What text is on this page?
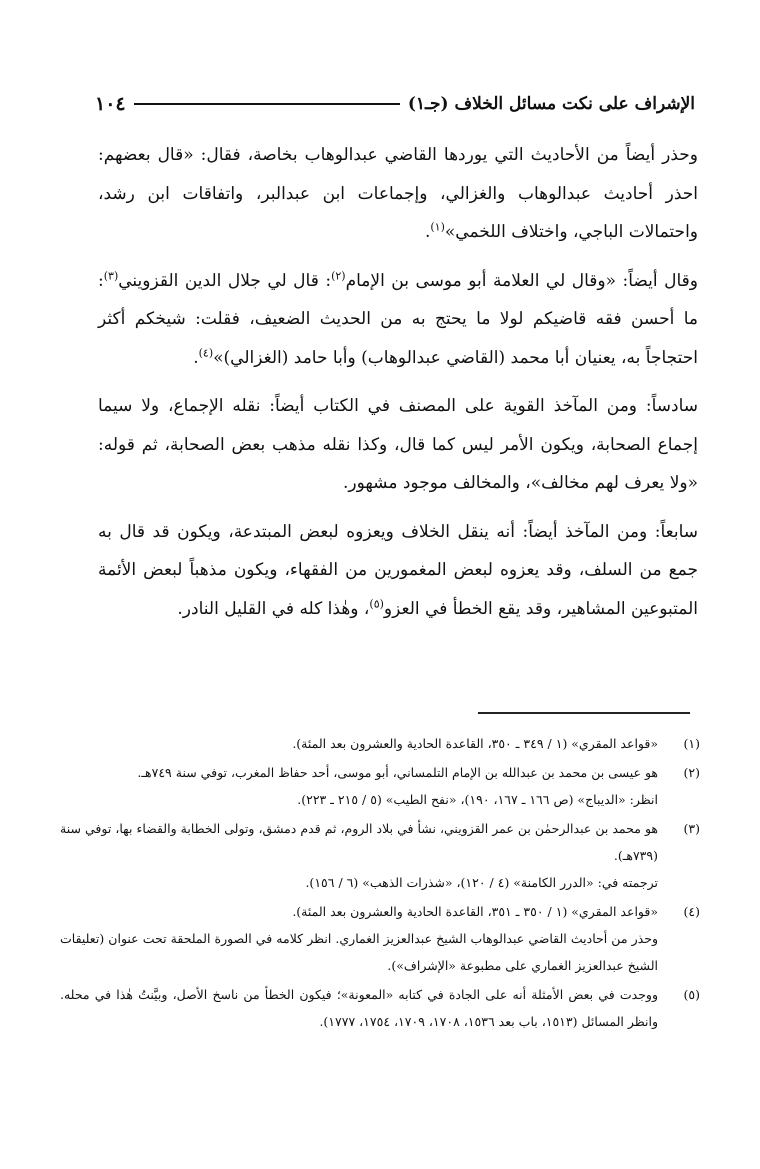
١٠٤	الإشراف على نكت مسائل الخلاف (جـ١)

وحذر أيضاً من الأحاديث التي يوردها القاضي عبدالوهاب بخاصة، فقال: «قال بعضهم: احذر أحاديث عبدالوهاب والغزالي، وإجماعات ابن عبدالبر، واتفاقات ابن رشد، واحتمالات الباجي، واختلاف اللخمي»$^{(١)}$.

وقال أيضاً: «وقال لي العلامة أبو موسى بن الإمام$^{(٢)}$: قال لي جلال الدين القزويني$^{(٣)}$: ما أحسن فقه قاضيكم لولا ما يحتج به من الحديث الضعيف، فقلت: شيخكم أكثر احتجاجاً به، يعنيان أبا محمد (القاضي عبدالوهاب) وأبا حامد (الغزالي)»$^{(٤)}$.

سادساً: ومن المآخذ القوية على المصنف في الكتاب أيضاً: نقله الإجماع، ولا سيما إجماع الصحابة، ويكون الأمر ليس كما قال، وكذا نقله مذهب بعض الصحابة، ثم قوله: «ولا يعرف لهم مخالف»، والمخالف موجود مشهور.

سابعاً: ومن المآخذ أيضاً: أنه ينقل الخلاف ويعزوه لبعض المبتدعة، ويكون قد قال به جمع من السلف، وقد يعزوه لبعض المغمورين من الفقهاء، ويكون مذهباً لبعض الأئمة المتبوعين المشاهير، وقد يقع الخطأ في العزو$^{(٥)}$، وهٰذا كله في القليل النادر.

(١)
«قواعد المقري» (١ / ٣٤٩ ـ ٣٥٠، القاعدة الحادية والعشرون بعد المئة).
(٢)
هو عيسى بن محمد بن عبدالله بن الإمام التلمساني، أبو موسى، أحد حفاظ المغرب، توفي سنة ٧٤٩هـ.
انظر: «الديباج» (ص ١٦٦ ـ ١٦٧، ١٩٠)، «نفح الطيب» (٥ / ٢١٥ ـ ٢٢٣).
(٣)
هو محمد بن عبدالرحمٰن بن عمر القزويني، نشأ في بلاد الروم، ثم قدم دمشق، وتولى الخطابة والقضاء بها، توفي سنة (٧٣٩هـ).
ترجمته في: «الدرر الكامنة» (٤ / ١٢٠)، «شذرات الذهب» (٦ / ١٥٦).
(٤)
«قواعد المقري» (١ / ٣٥٠ ـ ٣٥١، القاعدة الحادية والعشرون بعد المئة).
وحذر من أحاديث القاضي عبدالوهاب الشيخ عبدالعزيز الغماري. انظر كلامه في الصورة الملحقة تحت عنوان (تعليقات الشيخ عبدالعزيز الغماري على مطبوعة «الإشراف»).
(٥)
ووجدت في بعض الأمثلة أنه على الجادة في كتابه «المعونة»؛ فيكون الخطأ من ناسخ الأصل، وبيَّنتُ هٰذا في محله. وانظر المسائل (١٥١٣، باب بعد ١٥٣٦، ١٧٠٨، ١٧٠٩، ١٧٥٤، ١٧٧٧).
